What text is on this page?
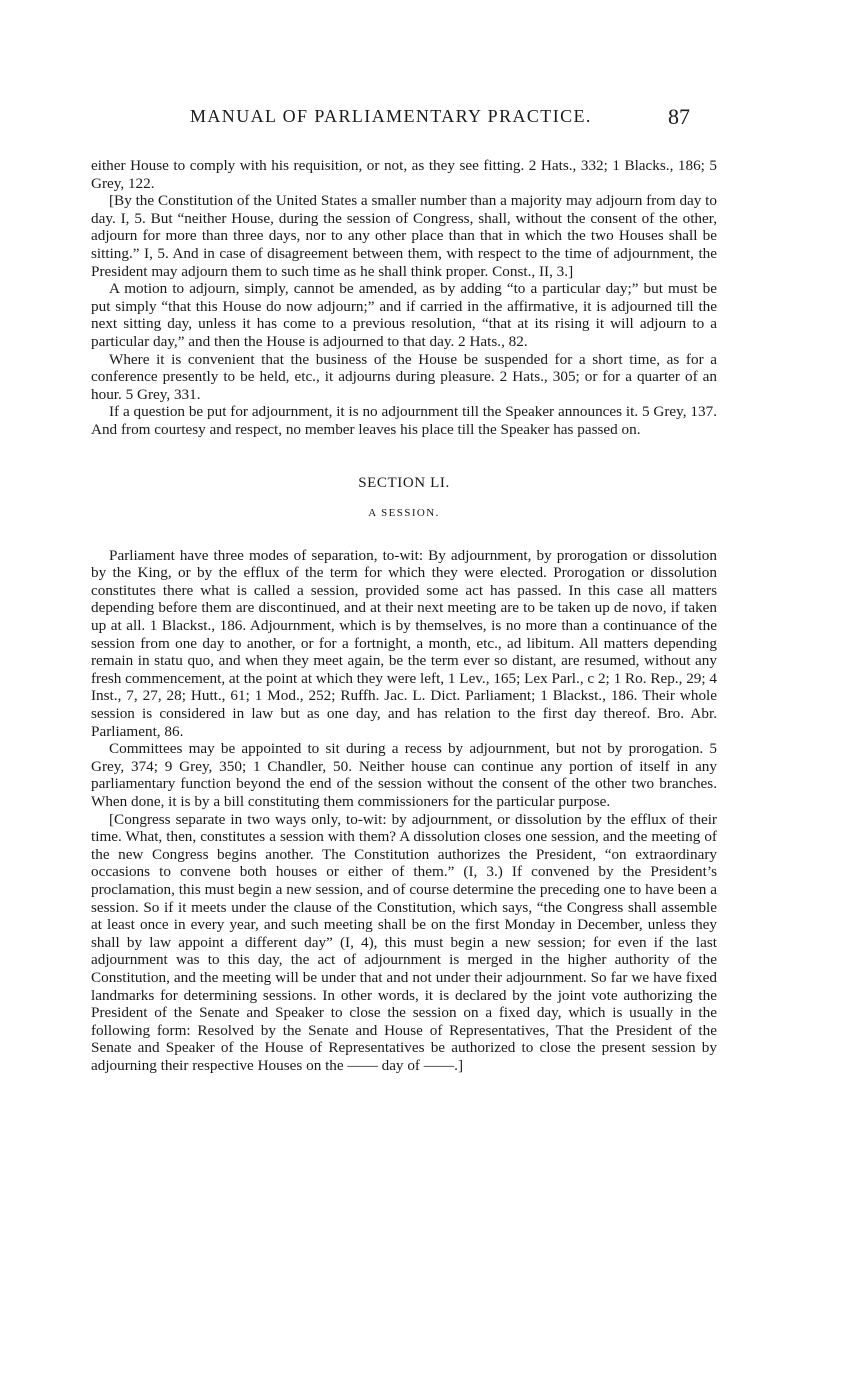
MANUAL OF PARLIAMENTARY PRACTICE.	87

either House to comply with his requisition, or not, as they see fitting. 2 Hats., 332; 1 Blacks., 186; 5 Grey, 122.

[By the Constitution of the United States a smaller number than a majority may adjourn from day to day. I, 5. But “neither House, during the session of Congress, shall, without the consent of the other, adjourn for more than three days, nor to any other place than that in which the two Houses shall be sitting.” I, 5. And in case of disagreement between them, with respect to the time of adjournment, the President may adjourn them to such time as he shall think proper. Const., II, 3.]

A motion to adjourn, simply, cannot be amended, as by adding “to a particular day;” but must be put simply “that this House do now adjourn;” and if carried in the affirmative, it is adjourned till the next sitting day, unless it has come to a previous resolution, “that at its rising it will adjourn to a particular day,” and then the House is adjourned to that day. 2 Hats., 82.

Where it is convenient that the business of the House be suspended for a short time, as for a conference presently to be held, etc., it adjourns during pleasure. 2 Hats., 305; or for a quarter of an hour. 5 Grey, 331.

If a question be put for adjournment, it is no adjournment till the Speaker announces it. 5 Grey, 137. And from courtesy and respect, no member leaves his place till the Speaker has passed on.

SECTION LI.
A SESSION.

Parliament have three modes of separation, to-wit: By adjournment, by prorogation or dissolution by the King, or by the efflux of the term for which they were elected. Prorogation or dissolution constitutes there what is called a session, provided some act has passed. In this case all matters depending before them are discontinued, and at their next meeting are to be taken up de novo, if taken up at all. 1 Blackst., 186. Adjournment, which is by themselves, is no more than a continuance of the session from one day to another, or for a fortnight, a month, etc., ad libitum. All matters depending remain in statu quo, and when they meet again, be the term ever so distant, are resumed, without any fresh commencement, at the point at which they were left, 1 Lev., 165; Lex Parl., c 2; 1 Ro. Rep., 29; 4 Inst., 7, 27, 28; Hutt., 61; 1 Mod., 252; Ruffh. Jac. L. Dict. Parliament; 1 Blackst., 186. Their whole session is considered in law but as one day, and has relation to the first day thereof. Bro. Abr. Parliament, 86.

Committees may be appointed to sit during a recess by adjournment, but not by prorogation. 5 Grey, 374; 9 Grey, 350; 1 Chandler, 50. Neither house can continue any portion of itself in any parliamentary function beyond the end of the session without the consent of the other two branches. When done, it is by a bill constituting them commissioners for the particular purpose.

[Congress separate in two ways only, to-wit: by adjournment, or dissolution by the efflux of their time. What, then, constitutes a session with them? A dissolution closes one session, and the meeting of the new Congress begins another. The Constitution authorizes the President, “on extraordinary occasions to convene both houses or either of them.” (I, 3.) If convened by the President’s proclamation, this must begin a new session, and of course determine the preceding one to have been a session. So if it meets under the clause of the Constitution, which says, “the Congress shall assemble at least once in every year, and such meeting shall be on the first Monday in December, unless they shall by law appoint a different day” (I, 4), this must begin a new session; for even if the last adjournment was to this day, the act of adjournment is merged in the higher authority of the Constitution, and the meeting will be under that and not under their adjournment. So far we have fixed landmarks for determining sessions. In other words, it is declared by the joint vote authorizing the President of the Senate and Speaker to close the session on a fixed day, which is usually in the following form: Resolved by the Senate and House of Representatives, That the President of the Senate and Speaker of the House of Representatives be authorized to close the present session by adjourning their respective Houses on the —— day of ——.]
